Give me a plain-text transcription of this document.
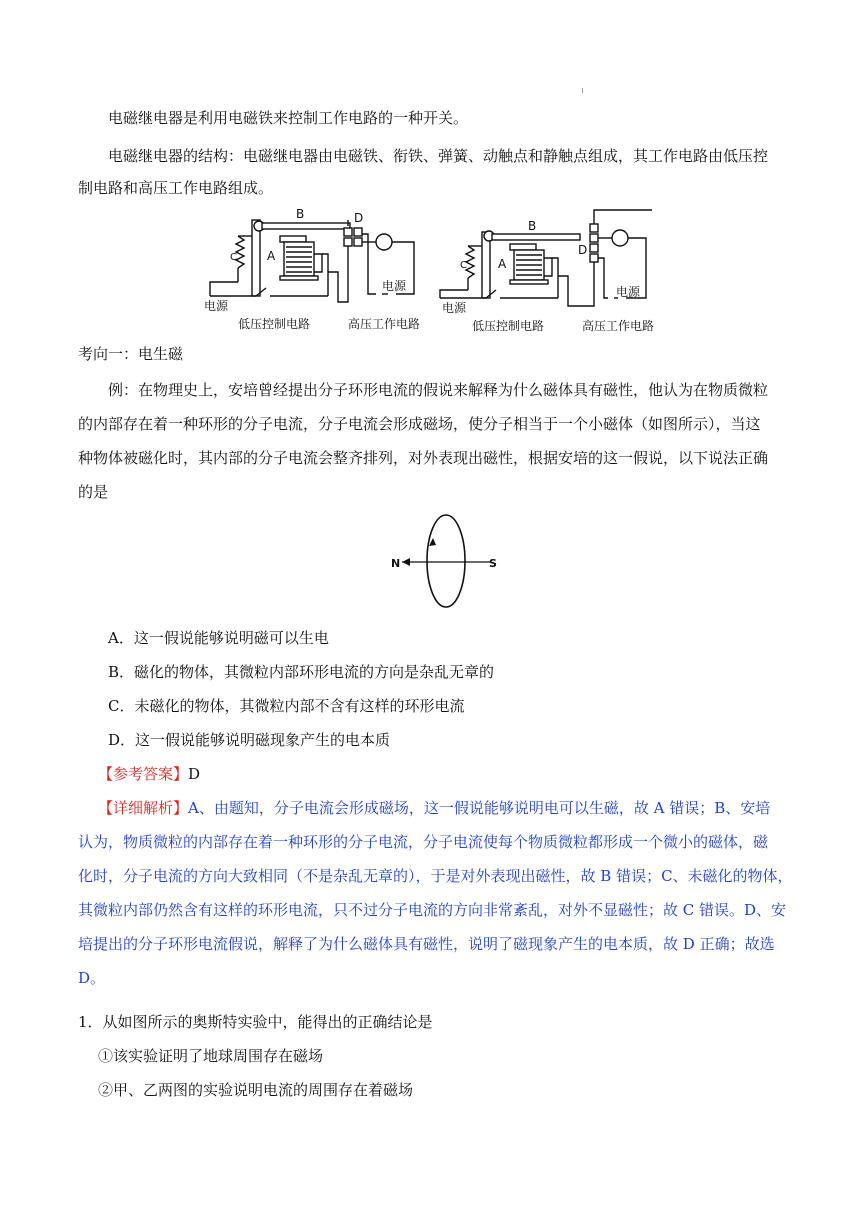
电磁继电器是利用电磁铁来控制工作电路的一种开关。
电磁继电器的结构：电磁继电器由电磁铁、衔铁、弹簧、动触点和静触点组成，其工作电路由低压控
制电路和高压工作电路组成。
B	D
A
C
电源
电源
低压控制电路	高压工作电路
B
D
A
C
电源
电源
低压控制电路	高压工作电路
考向一：电生磁
例：在物理史上，安培曾经提出分子环形电流的假说来解释为什么磁体具有磁性，他认为在物质微粒
的内部存在着一种环形的分子电流，分子电流会形成磁场，使分子相当于一个小磁体（如图所示），当这
种物体被磁化时，其内部的分子电流会整齐排列，对外表现出磁性，根据安培的这一假说，以下说法正确
的是
N	S
A．这一假说能够说明磁可以生电
B．磁化的物体，其微粒内部环形电流的方向是杂乱无章的
C．未磁化的物体，其微粒内部不含有这样的环形电流
D．这一假说能够说明磁现象产生的电本质
【参考答案】D
【详细解析】A、由题知，分子电流会形成磁场，这一假说能够说明电可以生磁，故 A 错误；B、安培
认为，物质微粒的内部存在着一种环形的分子电流，分子电流使每个物质微粒都形成一个微小的磁体，磁
化时，分子电流的方向大致相同（不是杂乱无章的），于是对外表现出磁性，故 B 错误；C、未磁化的物体，
其微粒内部仍然含有这样的环形电流，只不过分子电流的方向非常紊乱，对外不显磁性；故 C 错误。D、安
培提出的分子环形电流假说，解释了为什么磁体具有磁性，说明了磁现象产生的电本质，故 D 正确；故选
D。
1．从如图所示的奥斯特实验中，能得出的正确结论是
①该实验证明了地球周围存在磁场
②甲、乙两图的实验说明电流的周围存在着磁场
